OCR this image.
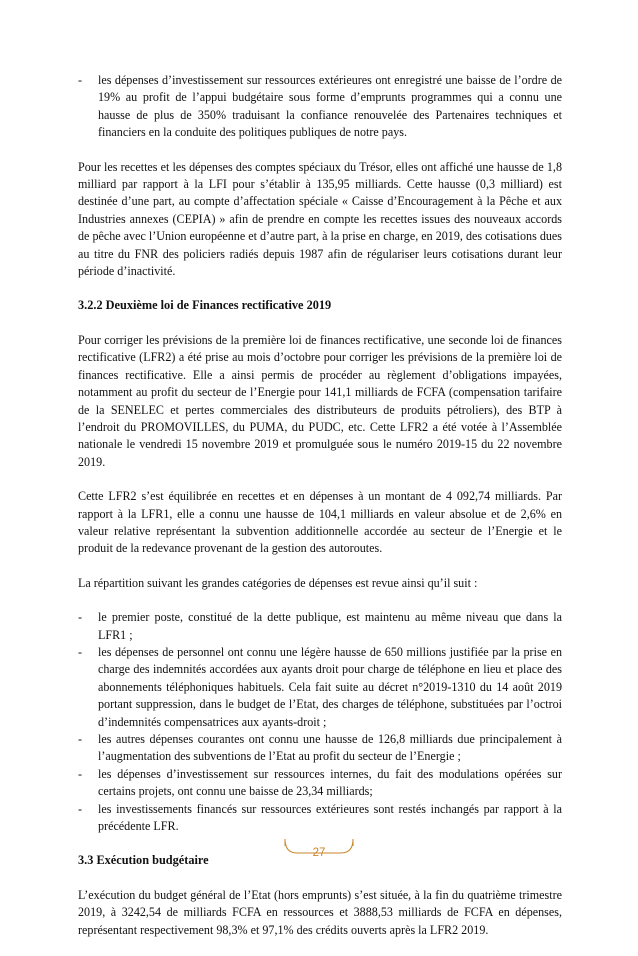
- les dépenses d’investissement sur ressources extérieures ont enregistré une baisse de l’ordre de 19% au profit de l’appui budgétaire sous forme d’emprunts programmes qui a connu une hausse de plus de 350% traduisant la confiance renouvelée des Partenaires techniques et financiers en la conduite des politiques publiques de notre pays.

Pour les recettes et les dépenses des comptes spéciaux du Trésor, elles ont affiché une hausse de 1,8 milliard par rapport à la LFI pour s’établir à 135,95 milliards. Cette hausse (0,3 milliard) est destinée d’une part, au compte d’affectation spéciale « Caisse d’Encouragement à la Pêche et aux Industries annexes (CEPIA) » afin de prendre en compte les recettes issues des nouveaux accords de pêche avec l’Union européenne et d’autre part, à la prise en charge, en 2019, des cotisations dues au titre du FNR des policiers radiés depuis 1987 afin de régulariser leurs cotisations durant leur période d’inactivité.

3.2.2 Deuxième loi de Finances rectificative 2019

Pour corriger les prévisions de la première loi de finances rectificative, une seconde loi de finances rectificative (LFR2) a été prise au mois d’octobre pour corriger les prévisions de la première loi de finances rectificative. Elle a ainsi permis de procéder au règlement d’obligations impayées, notamment au profit du secteur de l’Energie pour 141,1 milliards de FCFA (compensation tarifaire de la SENELEC et pertes commerciales des distributeurs de produits pétroliers), des BTP à l’endroit du PROMOVILLES, du PUMA, du PUDC, etc. Cette LFR2 a été votée à l’Assemblée nationale le vendredi 15 novembre 2019 et promulguée sous le numéro 2019-15 du 22 novembre 2019.

Cette LFR2 s’est équilibrée en recettes et en dépenses à un montant de 4 092,74 milliards. Par rapport à la LFR1, elle a connu une hausse de 104,1 milliards en valeur absolue et de 2,6% en valeur relative représentant la subvention additionnelle accordée au secteur de l’Energie et le produit de la redevance provenant de la gestion des autoroutes.

La répartition suivant les grandes catégories de dépenses est revue ainsi qu’il suit :

- le premier poste, constitué de la dette publique, est maintenu au même niveau que dans la LFR1 ;
- les dépenses de personnel ont connu une légère hausse de 650 millions justifiée par la prise en charge des indemnités accordées aux ayants droit pour charge de téléphone en lieu et place des abonnements téléphoniques habituels. Cela fait suite au décret n°2019-1310 du 14 août 2019 portant suppression, dans le budget de l’Etat, des charges de téléphone, substituées par l’octroi d’indemnités compensatrices aux ayants-droit ;
- les autres dépenses courantes ont connu une hausse de 126,8 milliards due principalement à l’augmentation des subventions de l’Etat au profit du secteur de l’Energie ;
- les dépenses d’investissement sur ressources internes, du fait des modulations opérées sur certains projets, ont connu une baisse de 23,34 milliards;
- les investissements financés sur ressources extérieures sont restés inchangés par rapport à la précédente LFR.
3.3 Exécution budgétaire

L’exécution du budget général de l’Etat (hors emprunts) s’est située, à la fin du quatrième trimestre 2019, à 3242,54 de milliards FCFA en ressources et 3888,53 milliards de FCFA en dépenses, représentant respectivement 98,3% et 97,1% des crédits ouverts après la LFR2 2019.

27
